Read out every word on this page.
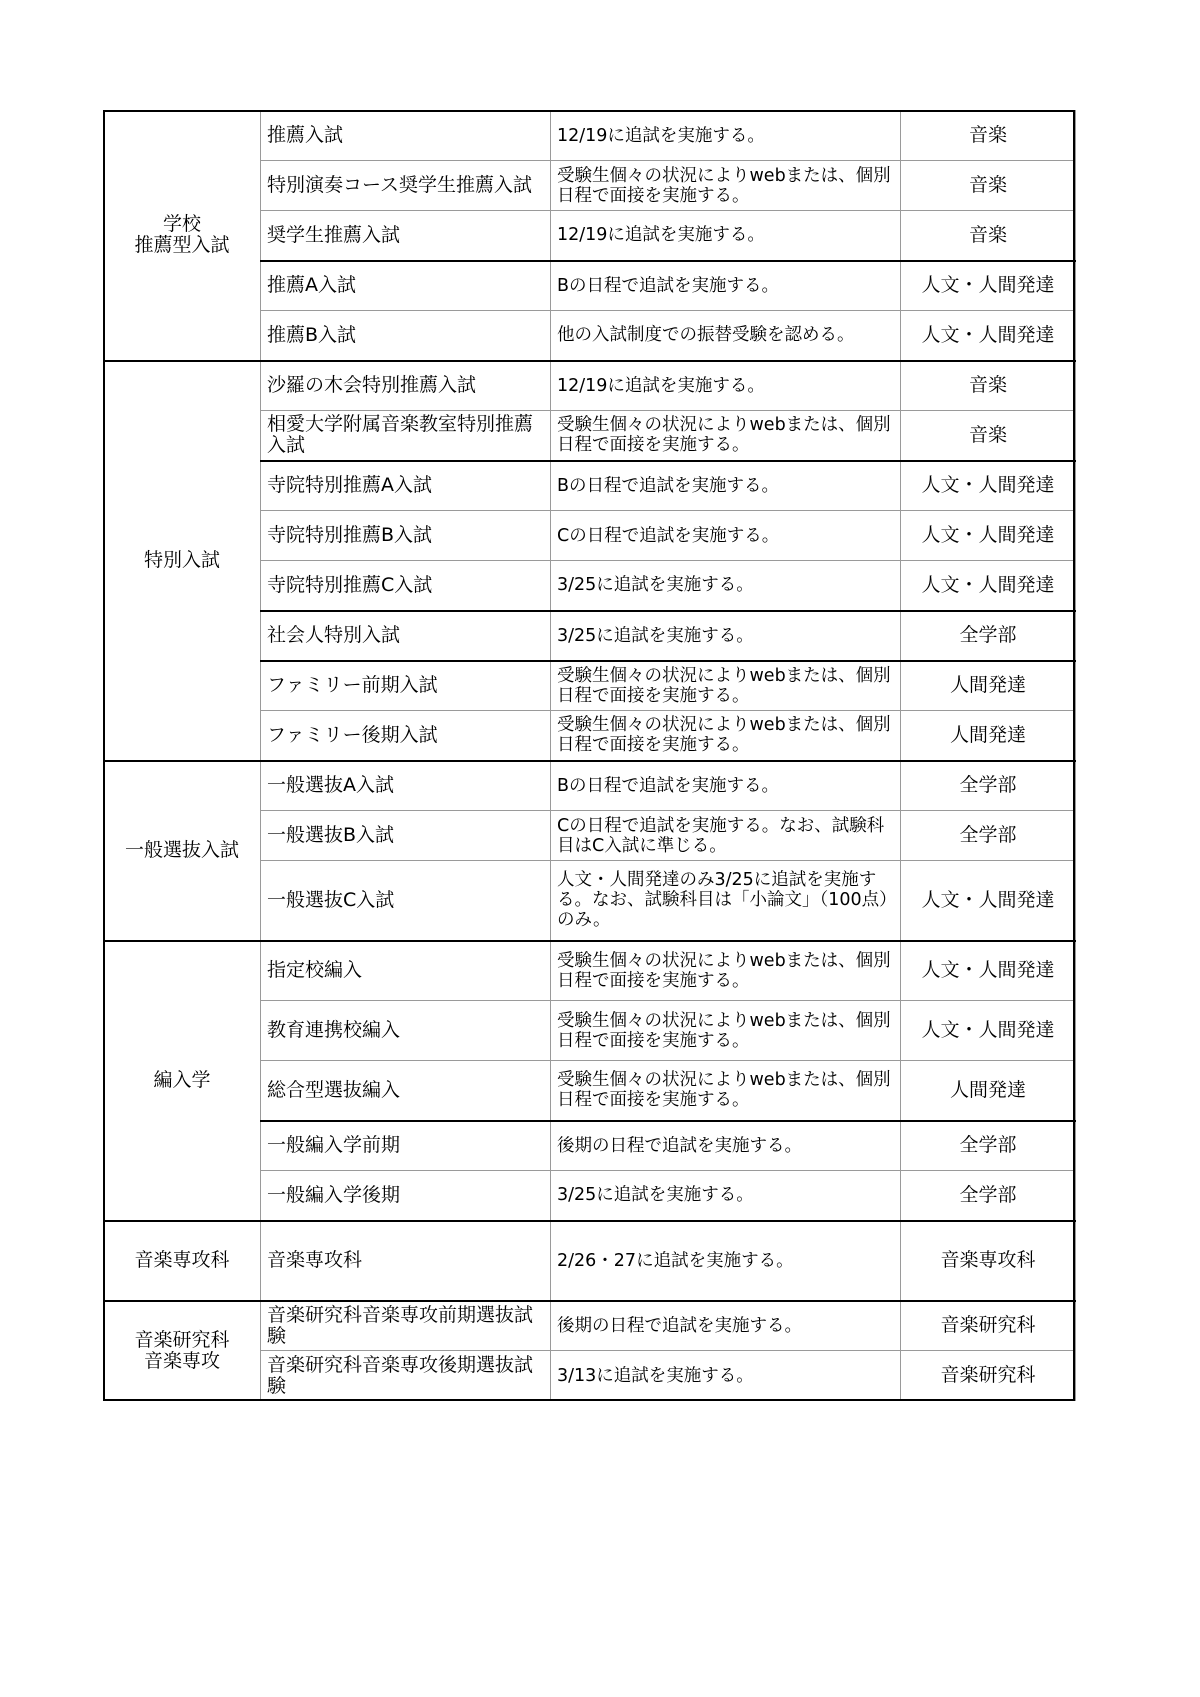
学校
推薦型入試	推薦入試	12/19に追試を実施する。	音楽
	特別演奏コース奨学生推薦入試	受験生個々の状況によりwebまたは、個別日程で面接を実施する。	音楽
	奨学生推薦入試	12/19に追試を実施する。	音楽
	推薦A入試	Bの日程で追試を実施する。	人文・人間発達
	推薦B入試	他の入試制度での振替受験を認める。	人文・人間発達
特別入試	沙羅の木会特別推薦入試	12/19に追試を実施する。	音楽
	相愛大学附属音楽教室特別推薦入試	受験生個々の状況によりwebまたは、個別日程で面接を実施する。	音楽
	寺院特別推薦A入試	Bの日程で追試を実施する。	人文・人間発達
	寺院特別推薦B入試	Cの日程で追試を実施する。	人文・人間発達
	寺院特別推薦C入試	3/25に追試を実施する。	人文・人間発達
	社会人特別入試	3/25に追試を実施する。	全学部
	ファミリー前期入試	受験生個々の状況によりwebまたは、個別日程で面接を実施する。	人間発達
	ファミリー後期入試	受験生個々の状況によりwebまたは、個別日程で面接を実施する。	人間発達
一般選抜入試	一般選抜A入試	Bの日程で追試を実施する。	全学部
	一般選抜B入試	Cの日程で追試を実施する。なお、試験科目はC入試に準じる。	全学部
	一般選抜C入試	人文・人間発達のみ3/25に追試を実施する。なお、試験科目は「小論文」（100点）のみ。	人文・人間発達
編入学	指定校編入	受験生個々の状況によりwebまたは、個別日程で面接を実施する。	人文・人間発達
	教育連携校編入	受験生個々の状況によりwebまたは、個別日程で面接を実施する。	人文・人間発達
	総合型選抜編入	受験生個々の状況によりwebまたは、個別日程で面接を実施する。	人間発達
	一般編入学前期	後期の日程で追試を実施する。	全学部
	一般編入学後期	3/25に追試を実施する。	全学部
音楽専攻科	音楽専攻科	2/26・27に追試を実施する。	音楽専攻科
音楽研究科
音楽専攻	音楽研究科音楽専攻前期選抜試験	後期の日程で追試を実施する。	音楽研究科
	音楽研究科音楽専攻後期選抜試験	3/13に追試を実施する。	音楽研究科
